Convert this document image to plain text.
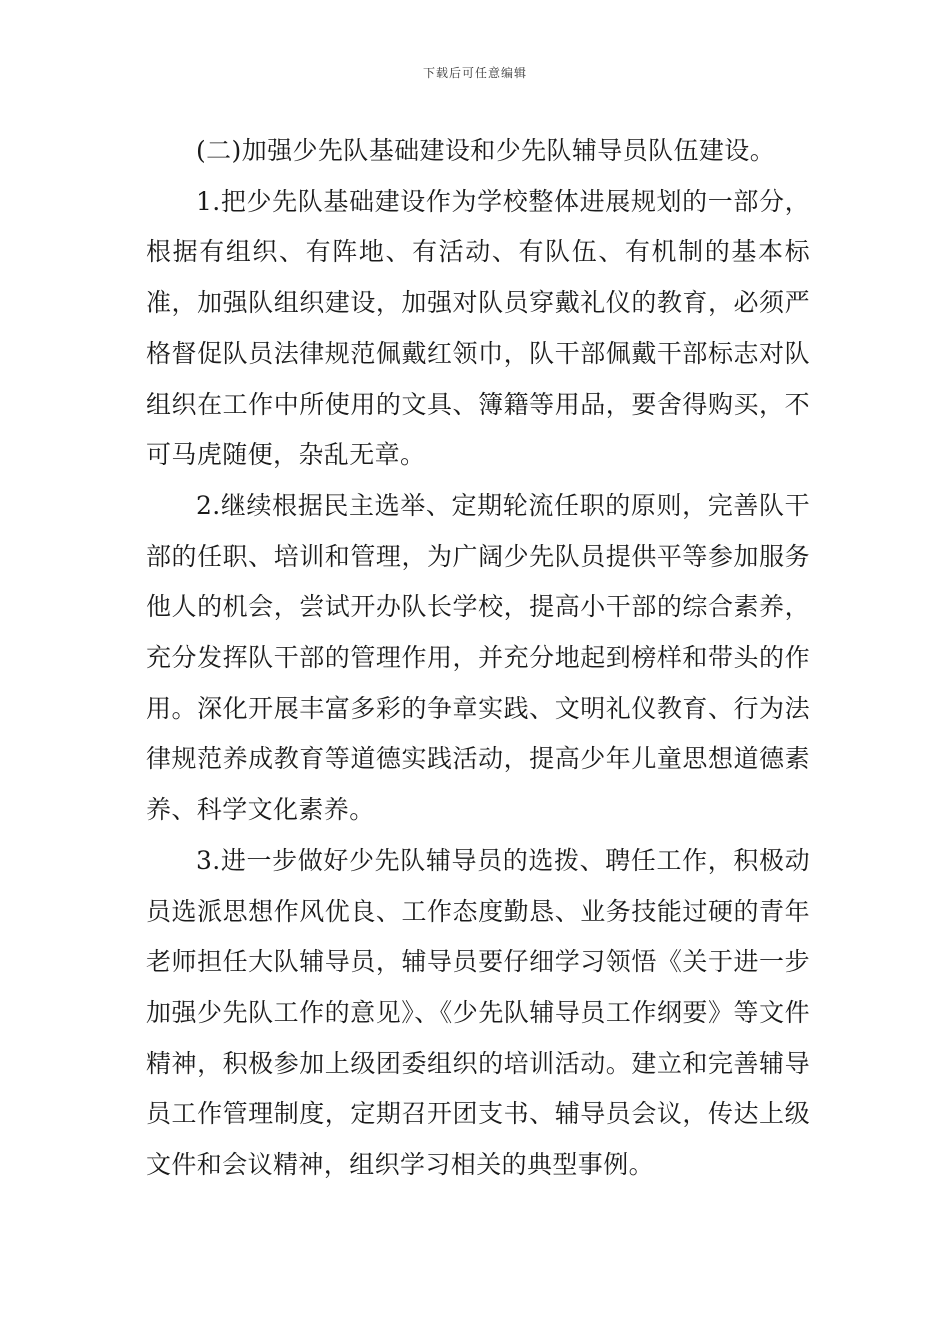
下载后可任意编辑

(二)加强少先队基础建设和少先队辅导员队伍建设。

1.把少先队基础建设作为学校整体进展规划的一部分，根据有组织、有阵地、有活动、有队伍、有机制的基本标准，加强队组织建设，加强对队员穿戴礼仪的教育，必须严格督促队员法律规范佩戴红领巾，队干部佩戴干部标志对队组织在工作中所使用的文具、簿籍等用品，要舍得购买，不可马虎随便，杂乱无章。

2.继续根据民主选举、定期轮流任职的原则，完善队干部的任职、培训和管理，为广阔少先队员提供平等参加服务他人的机会，尝试开办队长学校，提高小干部的综合素养，充分发挥队干部的管理作用，并充分地起到榜样和带头的作用。深化开展丰富多彩的争章实践、文明礼仪教育、行为法律规范养成教育等道德实践活动，提高少年儿童思想道德素养、科学文化素养。

3.进一步做好少先队辅导员的选拨、聘任工作，积极动员选派思想作风优良、工作态度勤恳、业务技能过硬的青年老师担任大队辅导员，辅导员要仔细学习领悟《关于进一步加强少先队工作的意见》、《少先队辅导员工作纲要》等文件精神，积极参加上级团委组织的培训活动。建立和完善辅导员工作管理制度，定期召开团支书、辅导员会议，传达上级文件和会议精神，组织学习相关的典型事例。
